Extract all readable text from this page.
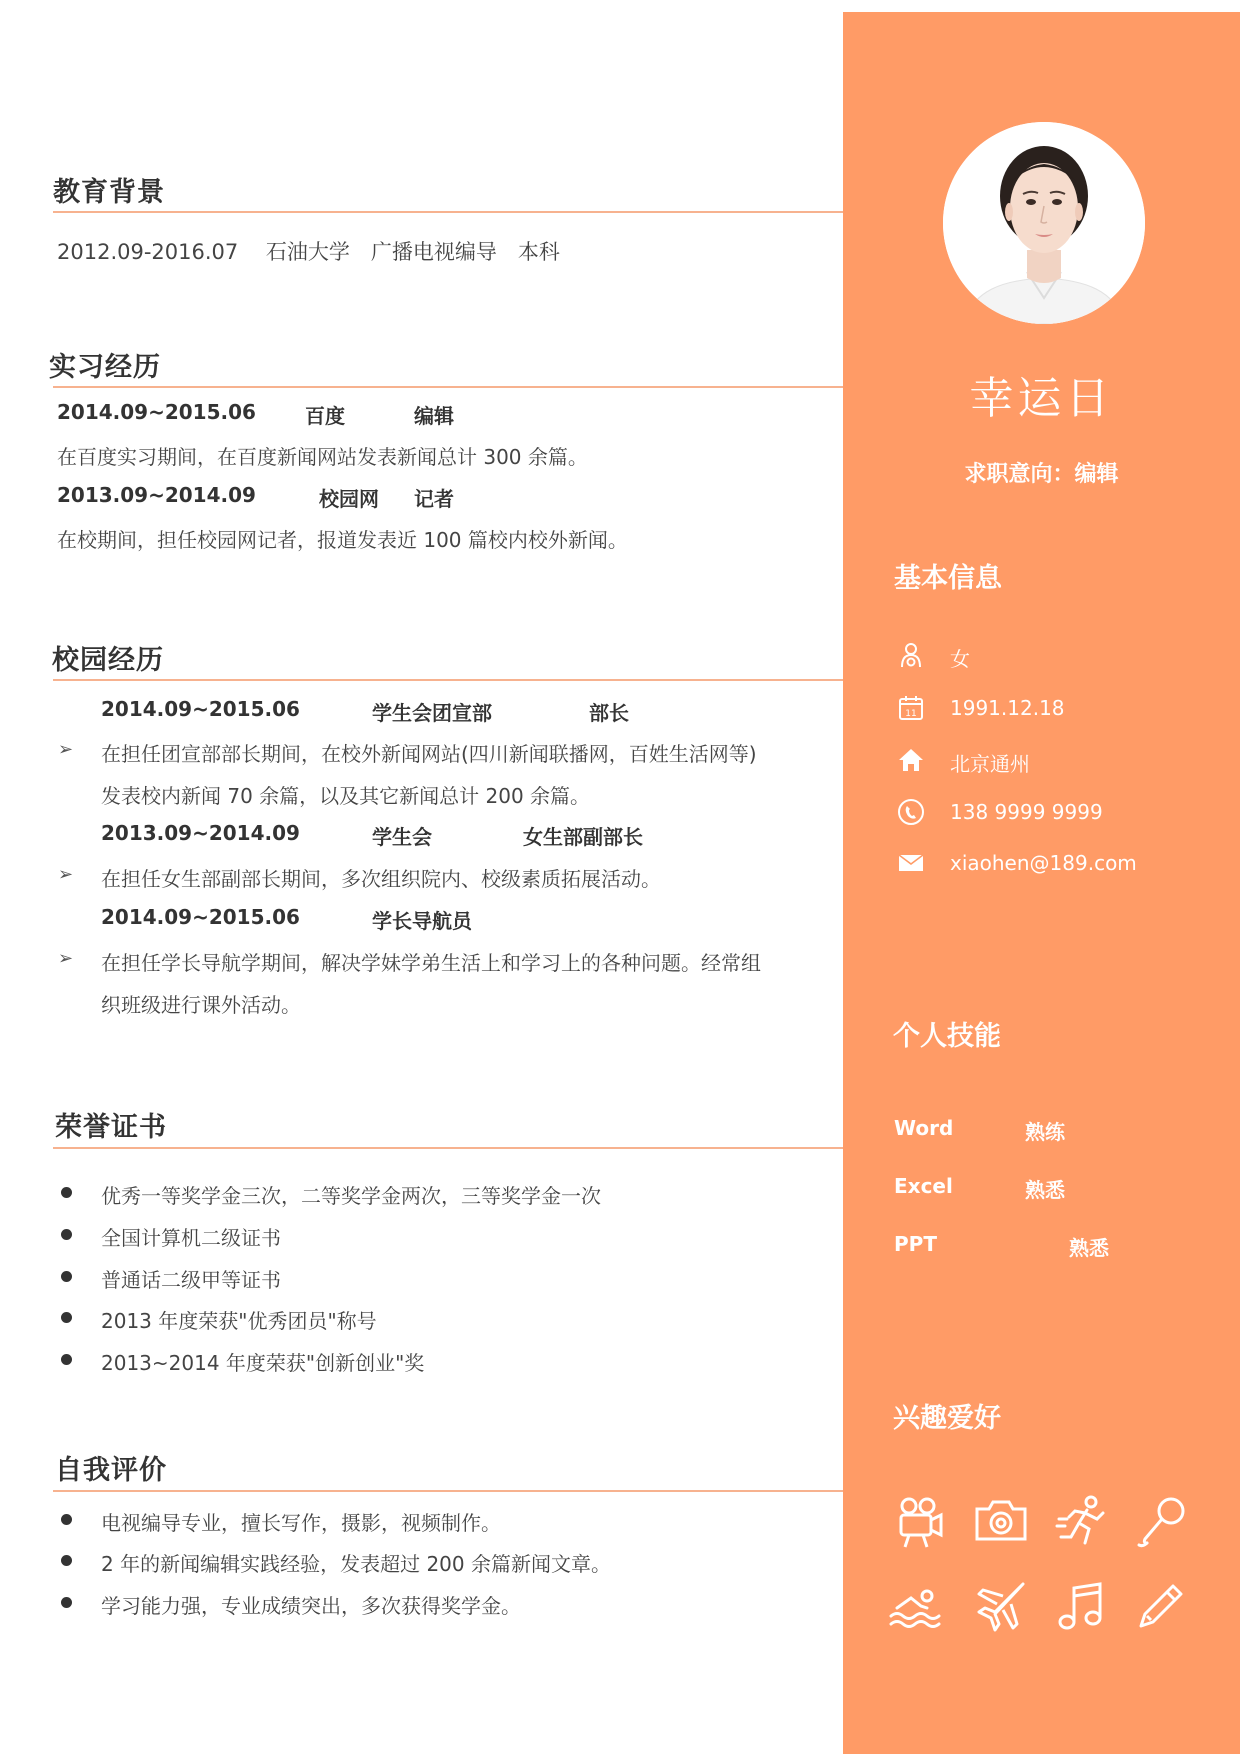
教育背景
2012.09-2016.07　 石油大学　广播电视编导　本科
实习经历
2014.09~2015.06 百度	编辑
在百度实习期间，在百度新闻网站发表新闻总计 300 余篇。
2013.09~2014.09	校园网 记者
在校期间，担任校园网记者，报道发表近 100 篇校内校外新闻。
校园经历
2014.09~2015.06	学生会团宣部	部长
➢ 在担任团宣部部长期间，在校外新闻网站(四川新闻联播网，百姓生活网等)
发表校内新闻 70 余篇，以及其它新闻总计 200 余篇。
2013.09~2014.09	学生会	女生部副部长
➢ 在担任女生部副部长期间，多次组织院内、校级素质拓展活动。
2014.09~2015.06	学长导航员
➢ 在担任学长导航学期间，解决学妹学弟生活上和学习上的各种问题。经常组
织班级进行课外活动。
荣誉证书
优秀一等奖学金三次，二等奖学金两次，三等奖学金一次
全国计算机二级证书
普通话二级甲等证书
2013 年度荣获"优秀团员"称号
2013~2014 年度荣获"创新创业"奖
自我评价
电视编导专业，擅长写作，摄影，视频制作。
2 年的新闻编辑实践经验，发表超过 200 余篇新闻文章。
学习能力强，专业成绩突出，多次获得奖学金。
幸运日
求职意向：编辑
基本信息
女
11 1991.12.18
北京通州
138 9999 9999
xiaohen@189.com
个人技能
Word	熟练
Excel	熟悉
PPT	熟悉
兴趣爱好
